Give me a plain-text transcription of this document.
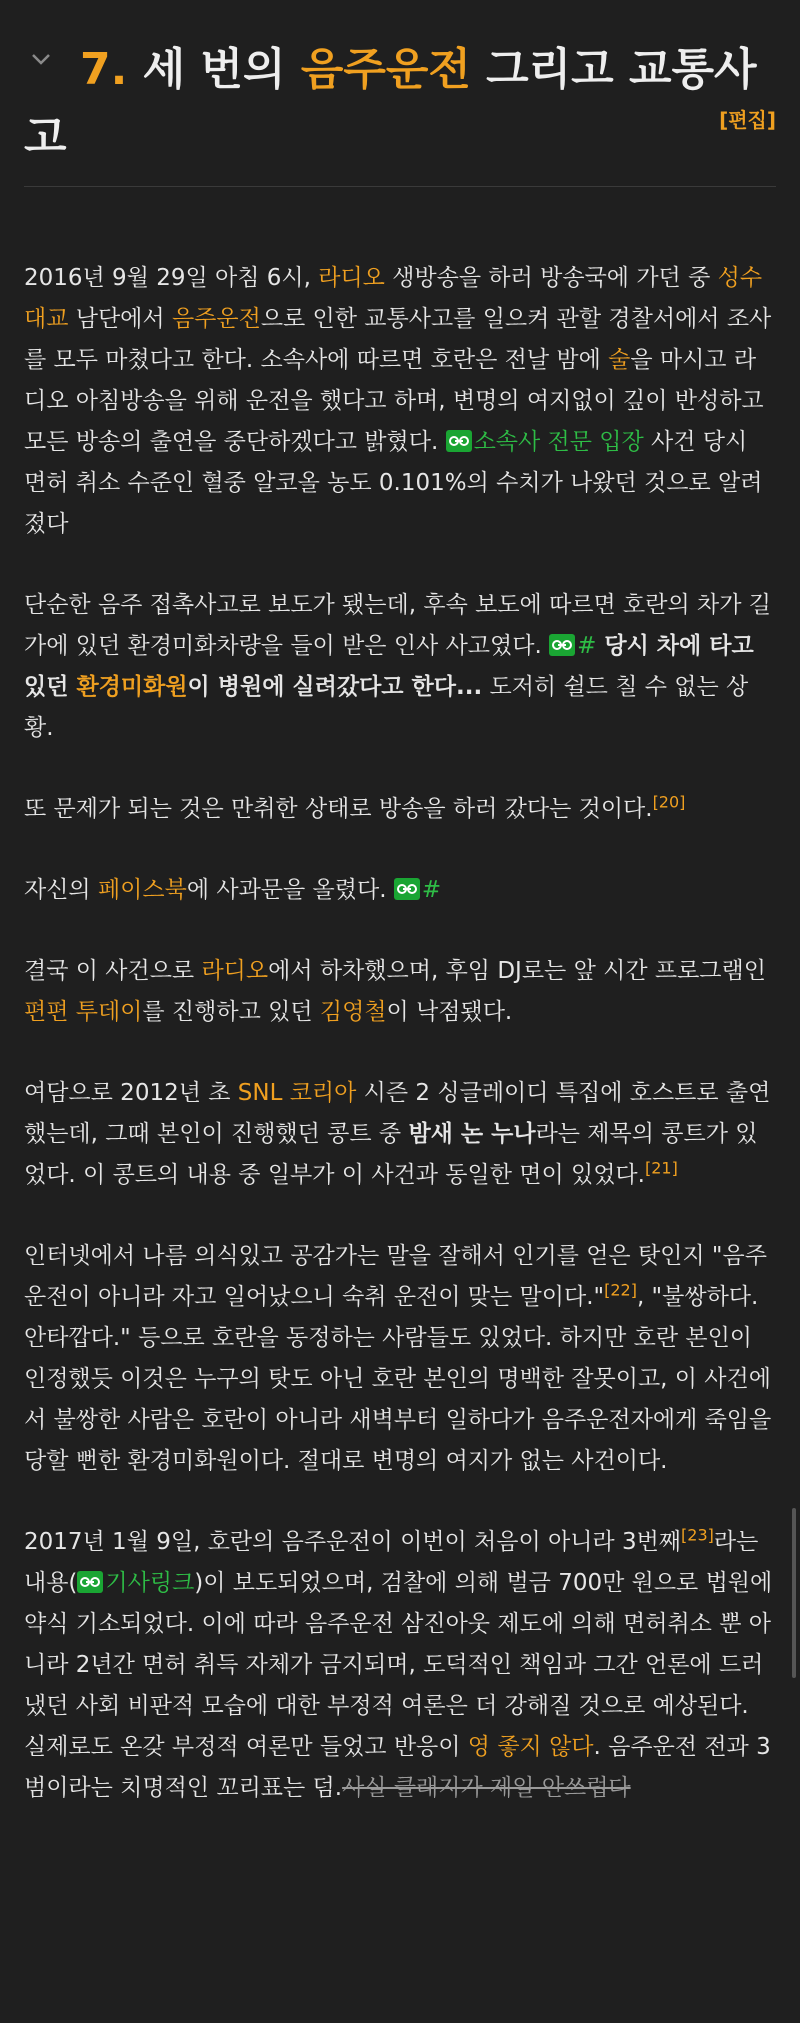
7. 세 번의 음주운전 그리고 교통사
고	[편집]

2016년 9월 29일 아침 6시, 라디오 생방송을 하러 방송국에 가던 중 성수대교 남단에서 음주운전으로 인한 교통사고를 일으켜 관할 경찰서에서 조사를 모두 마쳤다고 한다. 소속사에 따르면 호란은 전날 밤에 술을 마시고 라디오 아침방송을 위해 운전을 했다고 하며, 변명의 여지없이 깊이 반성하고 모든 방송의 출연을 중단하겠다고 밝혔다.
소속사 전문 입장 사건 당시 면허 취소 수준인 혈중 알코올 농도 0.101%의 수치가 나왔던 것으로 알려졌다

단순한 음주 접촉사고로 보도가 됐는데, 후속 보도에 따르면 호란의 차가 길가에 있던 환경미화차량을 들이 받은 인사 사고였다.
# 당시 차에 타고 있던 환경미화원이 병원에 실려갔다고 한다... 도저히 쉴드 칠 수 없는 상황.

또 문제가 되는 것은 만취한 상태로 방송을 하러 갔다는 것이다.[20]

자신의 페이스북에 사과문을 올렸다.
#

결국 이 사건으로 라디오에서 하차했으며, 후임 DJ로는 앞 시간 프로그램인 편편 투데이를 진행하고 있던 김영철이 낙점됐다.

여담으로 2012년 초 SNL 코리아 시즌 2 싱글레이디 특집에 호스트로 출연했는데, 그때 본인이 진행했던 콩트 중 밤새 논 누나라는 제목의 콩트가 있었다. 이 콩트의 내용 중 일부가 이 사건과 동일한 면이 있었다.[21]

인터넷에서 나름 의식있고 공감가는 말을 잘해서 인기를 얻은 탓인지 "음주 운전이 아니라 자고 일어났으니 숙취 운전이 맞는 말이다."[22], "불쌍하다. 안타깝다." 등으로 호란을 동정하는 사람들도 있었다. 하지만 호란 본인이 인정했듯 이것은 누구의 탓도 아닌 호란 본인의 명백한 잘못이고, 이 사건에서 불쌍한 사람은 호란이 아니라 새벽부터 일하다가 음주운전자에게 죽임을 당할 뻔한 환경미화원이다. 절대로 변명의 여지가 없는 사건이다.

2017년 1월 9일, 호란의 음주운전이 이번이 처음이 아니라 3번째[23]라는 내용( 기사링크)이 보도되었으며, 검찰에 의해 벌금 700만 원으로 법원에 약식 기소되었다. 이에 따라 음주운전 삼진아웃 제도에 의해 면허취소 뿐 아니라 2년간 면허 취득 자체가 금지되며, 도덕적인 책임과 그간 언론에 드러냈던 사회 비판적 모습에 대한 부정적 여론은 더 강해질 것으로 예상된다. 실제로도 온갖 부정적 여론만 들었고 반응이 영 좋지 않다. 음주운전 전과 3범이라는 치명적인 꼬리표는 덤.사실 클래지가 제일 안쓰럽다
